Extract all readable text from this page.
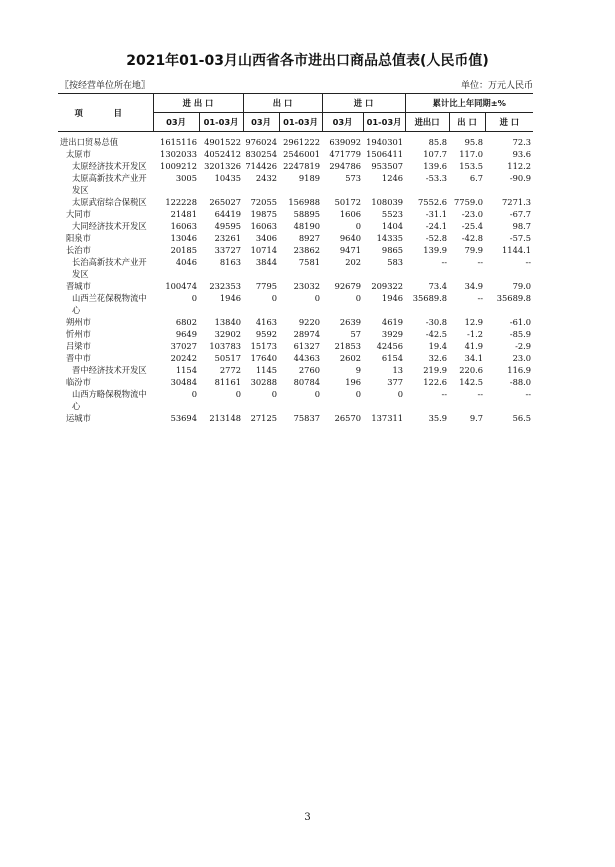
2021年01-03月山西省各市进出口商品总值表(人民币值)
〖按经营单位所在地〗	单位：万元人民币
项 目	进 出 口		出 口		进 口		累计比上年同期±%		
	03月	01-03月	03月	01-03月	03月	01-03月	进出口	出 口	进 口
进出口贸易总值	1615116	4901522	976024	2961222	639092	1940301	85.8	95.8	72.3
太原市	1302033	4052412	830254	2546001	471779	1506411	107.7	117.0	93.6
太原经济技术开发区	1009212	3201326	714426	2247819	294786	953507	139.6	153.5	112.2
太原高新技术产业开发区	3005	10435	2432	9189	573	1246	-53.3	6.7	-90.9
太原武宿综合保税区	122228	265027	72055	156988	50172	108039	7552.6	7759.0	7271.3
大同市	21481	64419	19875	58895	1606	5523	-31.1	-23.0	-67.7
大同经济技术开发区	16063	49595	16063	48190	0	1404	-24.1	-25.4	98.7
阳泉市	13046	23261	3406	8927	9640	14335	-52.8	-42.8	-57.5
长治市	20185	33727	10714	23862	9471	9865	139.9	79.9	1144.1
长治高新技术产业开发区	4046	8163	3844	7581	202	583	--	--	--
晋城市	100474	232353	7795	23032	92679	209322	73.4	34.9	79.0
山西兰花保税物流中心	0	1946	0	0	0	1946	35689.8	--	35689.8
朔州市	6802	13840	4163	9220	2639	4619	-30.8	12.9	-61.0
忻州市	9649	32902	9592	28974	57	3929	-42.5	-1.2	-85.9
吕梁市	37027	103783	15173	61327	21853	42456	19.4	41.9	-2.9
晋中市	20242	50517	17640	44363	2602	6154	32.6	34.1	23.0
晋中经济技术开发区	1154	2772	1145	2760	9	13	219.9	220.6	116.9
临汾市	30484	81161	30288	80784	196	377	122.6	142.5	-88.0
山西方略保税物流中心	0	0	0	0	0	0	--	--	--
运城市	53694	213148	27125	75837	26570	137311	35.9	9.7	56.5
3
